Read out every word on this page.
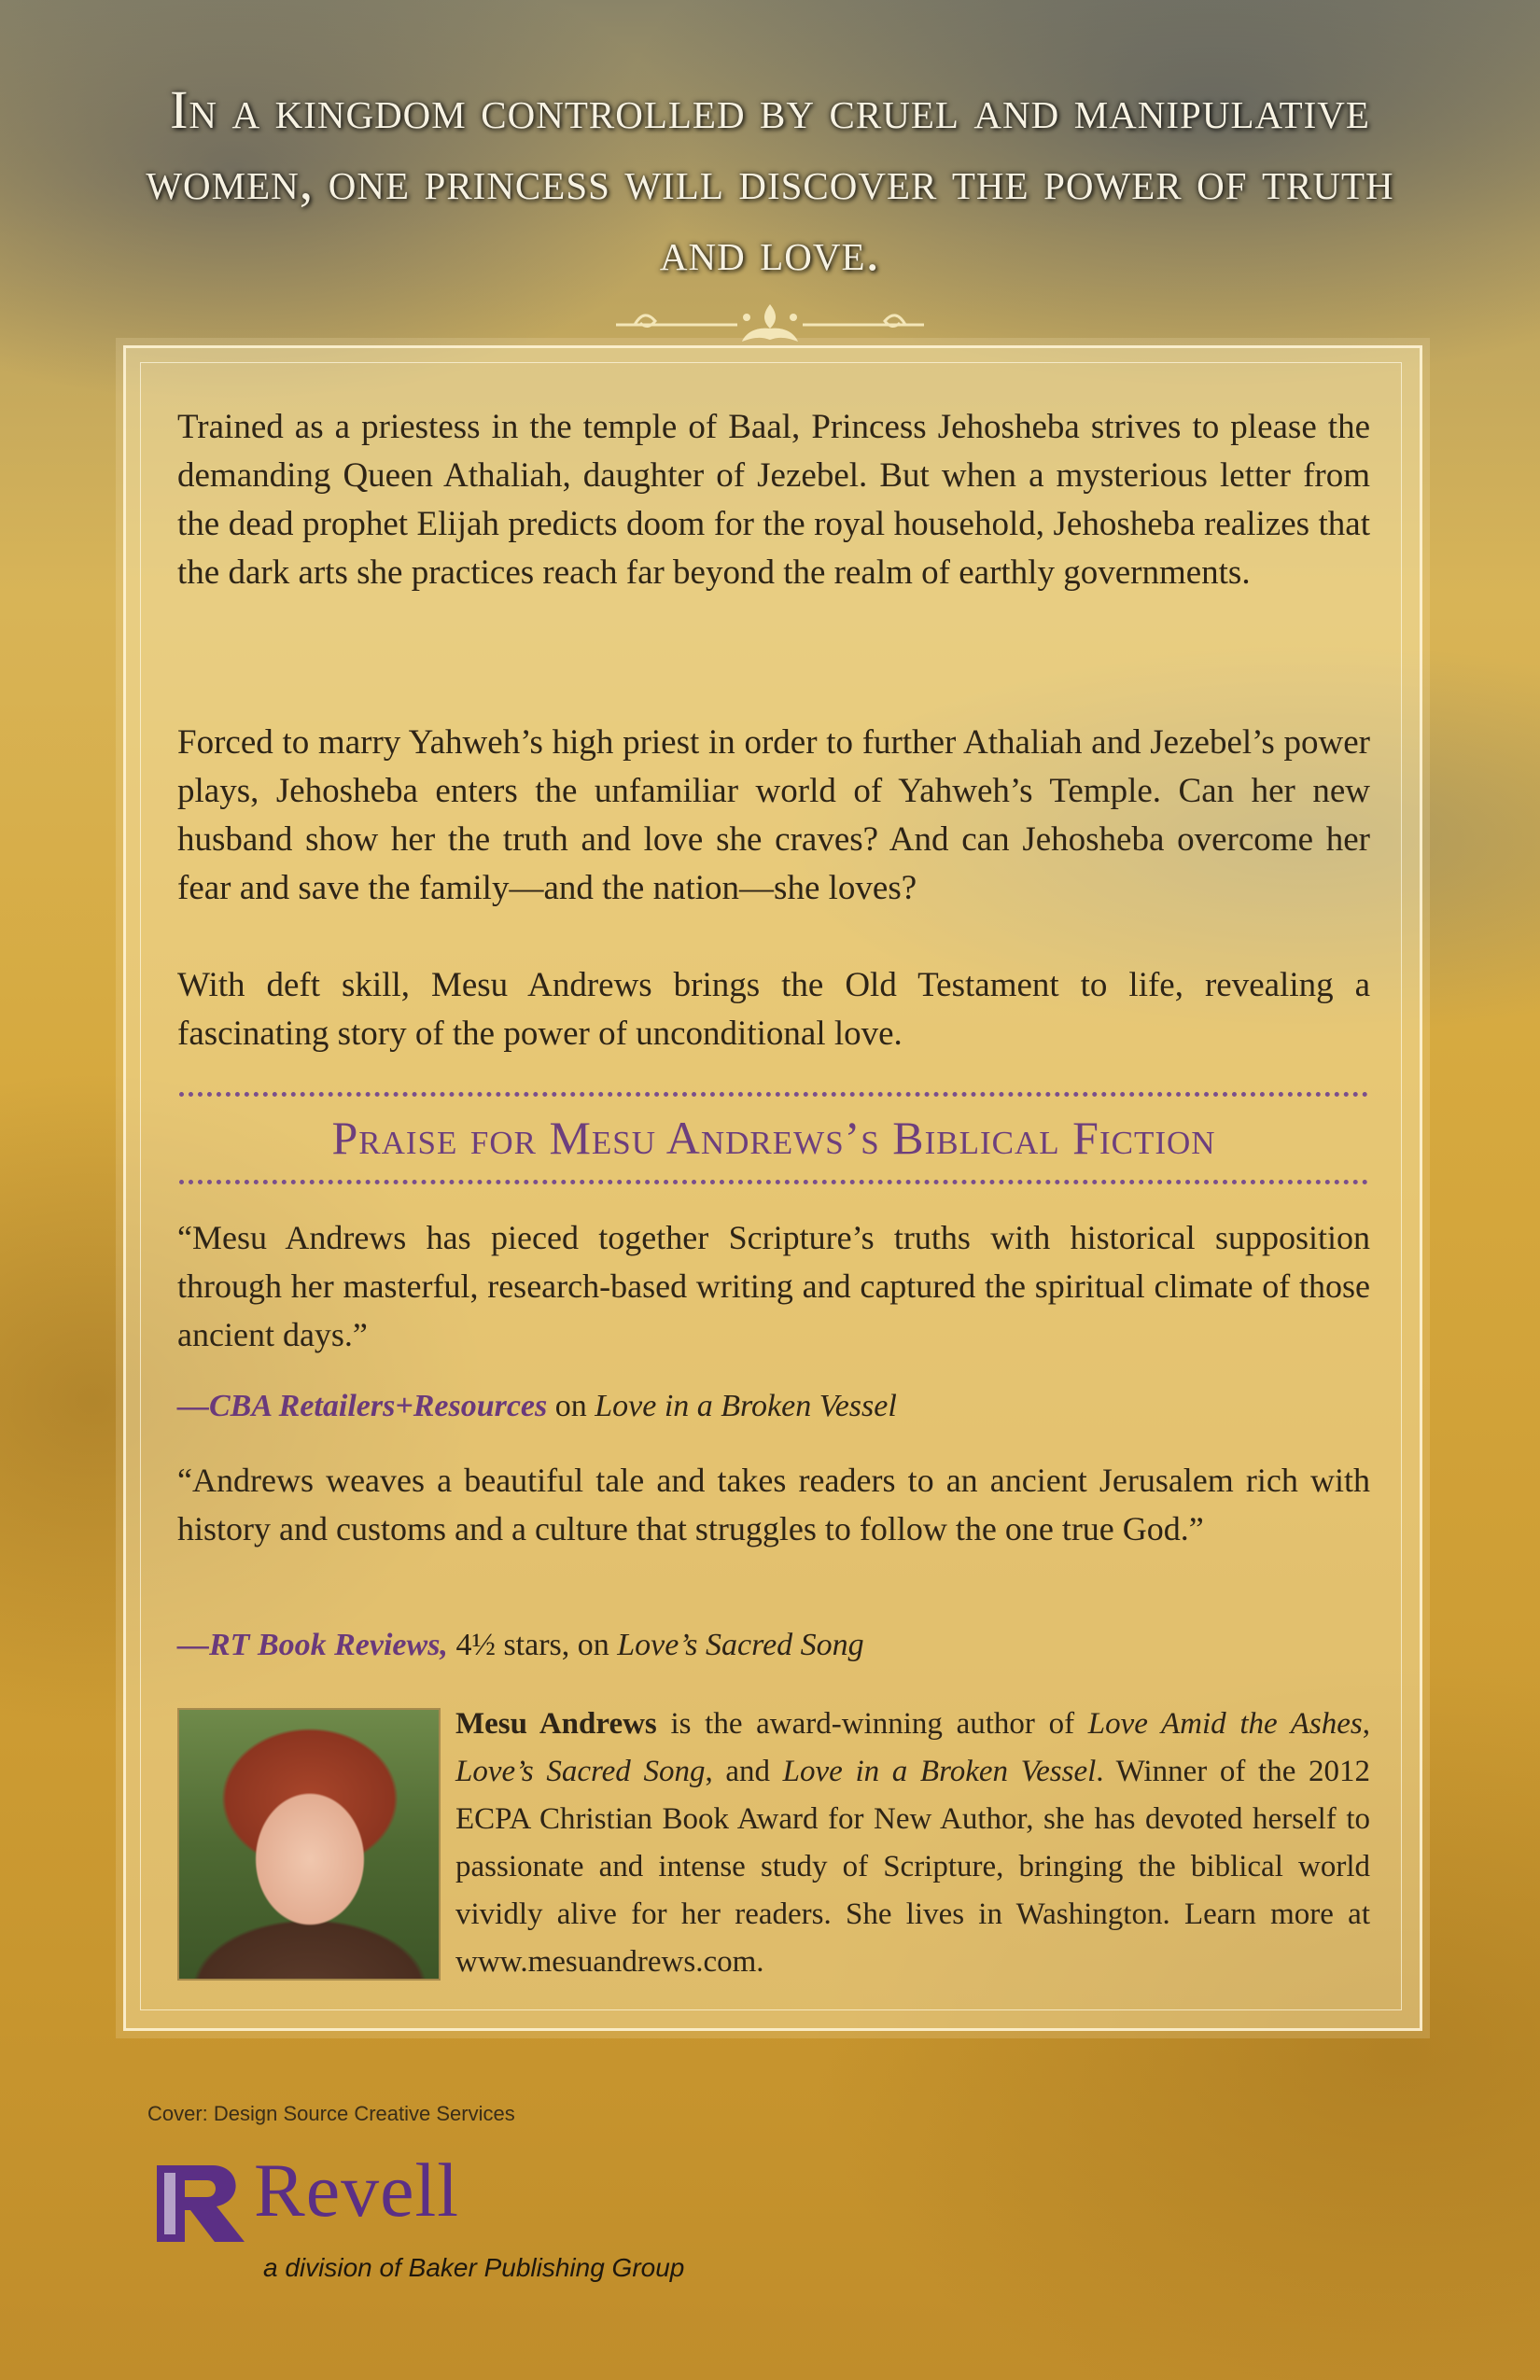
In a kingdom controlled by cruel and manipulative women, one princess will discover the power of truth and love.

Trained as a priestess in the temple of Baal, Princess Jehosheba strives to please the demanding Queen Athaliah, daughter of Jezebel. But when a mysterious letter from the dead prophet Elijah predicts doom for the royal household, Jehosheba realizes that the dark arts she practices reach far beyond the realm of earthly governments.

Forced to marry Yahweh’s high priest in order to further Athaliah and Jezebel’s power plays, Jehosheba enters the unfamiliar world of Yahweh’s Temple. Can her new husband show her the truth and love she craves? And can Jehosheba overcome her fear and save the family—and the nation—she loves?

With deft skill, Mesu Andrews brings the Old Testament to life, revealing a fascinating story of the power of unconditional love.

Praise for Mesu Andrews’s Biblical Fiction

“Mesu Andrews has pieced together Scripture’s truths with historical supposition through her masterful, research-based writing and captured the spiritual climate of those ancient days.”

—CBA Retailers+Resources on Love in a Broken Vessel

“Andrews weaves a beautiful tale and takes readers to an ancient Jerusalem rich with history and customs and a culture that struggles to follow the one true God.”

—RT Book Reviews, 4½ stars, on Love’s Sacred Song

Mesu Andrews is the award-winning author of Love Amid the Ashes, Love’s Sacred Song, and Love in a Broken Vessel. Winner of the 2012 ECPA Christian Book Award for New Author, she has devoted herself to passionate and intense study of Scripture, bringing the biblical world vividly alive for her readers. She lives in Washington. Learn more at www.mesuandrews.com.

Cover: Design Source Creative Services
Revell
a division of Baker Publishing Group
